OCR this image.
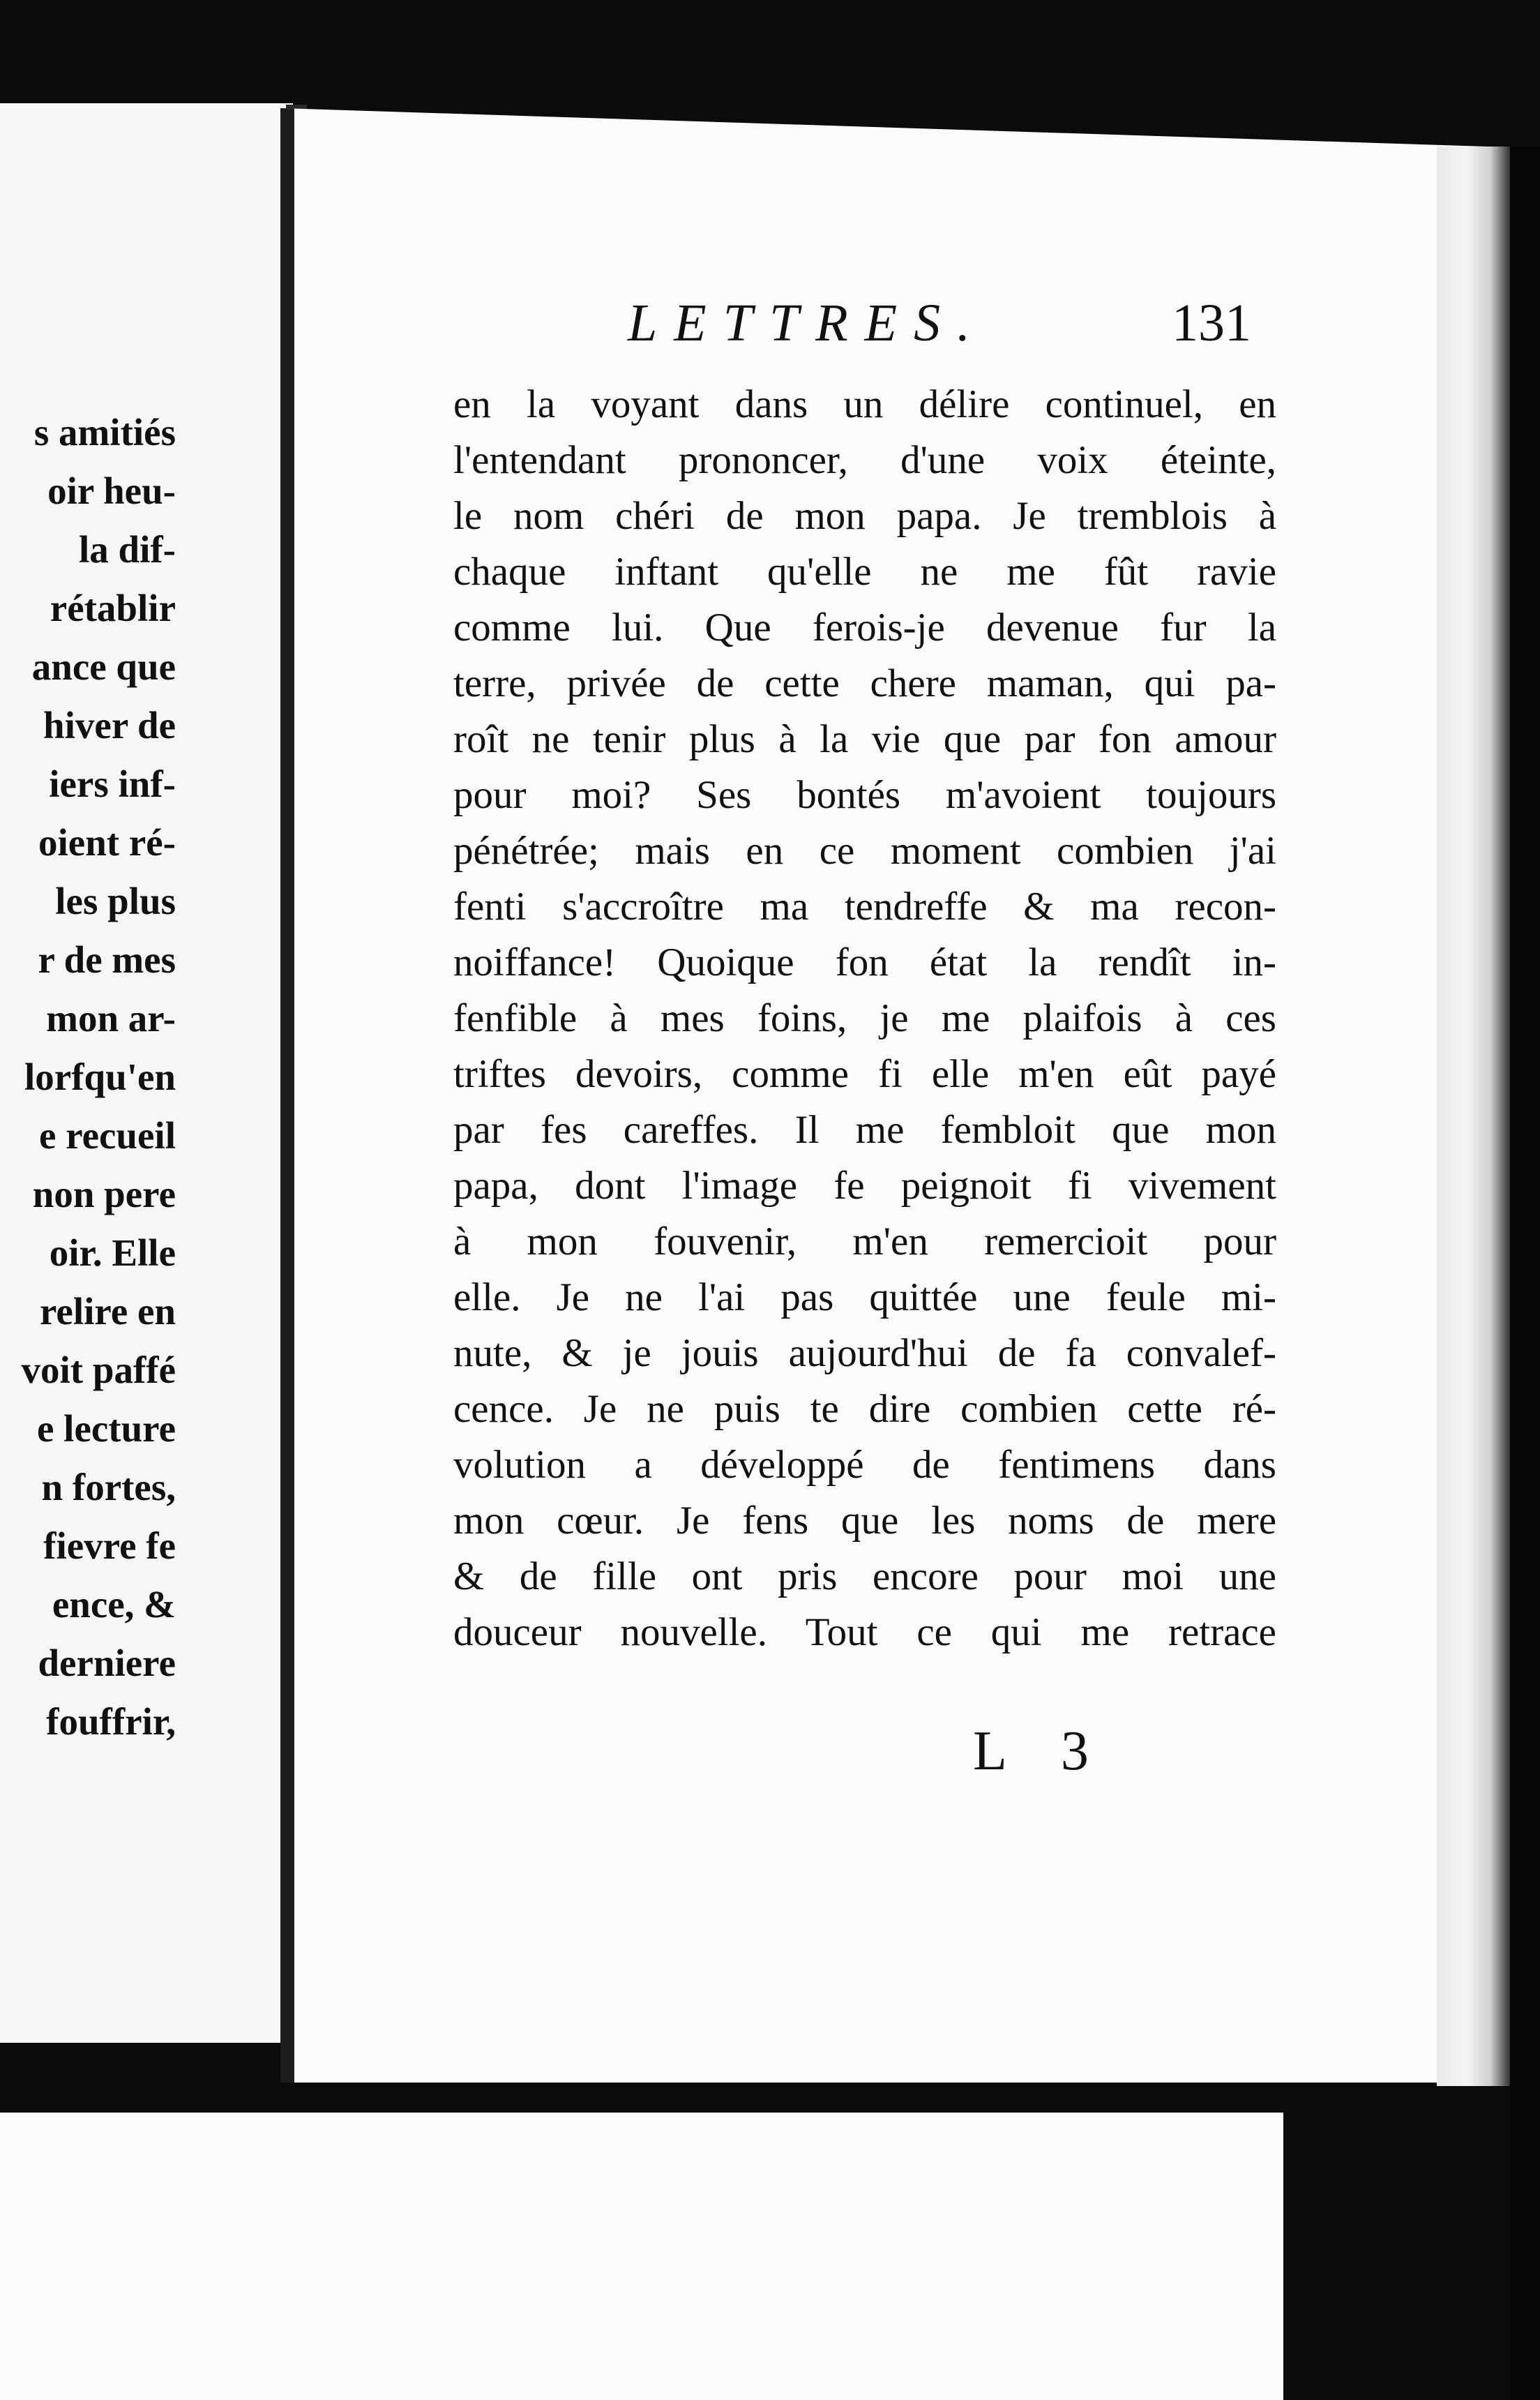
s amitiés
oir heu-
la dif-
rétablir
ance que
hiver de
iers inf-
oient ré-
les plus
r de mes
mon ar-
lorfqu'en
e recueil
non pere
oir. Elle
relire en
voit paffé
e lecture
n fortes,
fievre fe
ence, &
derniere
fouffrir,
LETTRES.	131
en la voyant dans un délire continuel, en
l'entendant prononcer, d'une voix éteinte,
le nom chéri de mon papa. Je tremblois à
chaque inftant qu'elle ne me fût ravie
comme lui. Que ferois-je devenue fur la
terre, privée de cette chere maman, qui pa-
roît ne tenir plus à la vie que par fon amour
pour moi? Ses bontés m'avoient toujours
pénétrée; mais en ce moment combien j'ai
fenti s'accroître ma tendreffe & ma recon-
noiffance! Quoique fon état la rendît in-
fenfible à mes foins, je me plaifois à ces
triftes devoirs, comme fi elle m'en eût payé
par fes careffes. Il me fembloit que mon
papa, dont l'image fe peignoit fi vivement
à mon fouvenir, m'en remercioit pour
elle. Je ne l'ai pas quittée une feule mi-
nute, & je jouis aujourd'hui de fa convalef-
cence. Je ne puis te dire combien cette ré-
volution a développé de fentimens dans
mon cœur. Je fens que les noms de mere
& de fille ont pris encore pour moi une
douceur nouvelle. Tout ce qui me retrace
L 3
